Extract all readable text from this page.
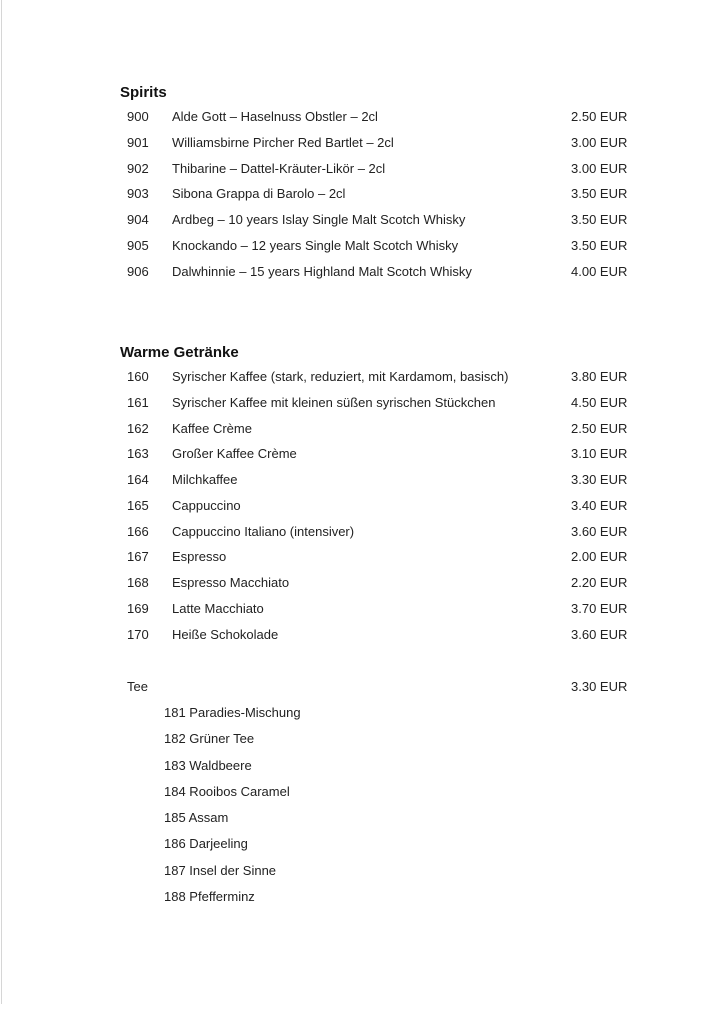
Spirits
900 Alde Gott – Haselnuss Obstler – 2cl	2.50 EUR
901 Williamsbirne Pircher Red Bartlet – 2cl	3.00 EUR
902 Thibarine – Dattel-Kräuter-Likör – 2cl	3.00 EUR
903 Sibona Grappa di Barolo – 2cl	3.50 EUR
904 Ardbeg – 10 years Islay Single Malt Scotch Whisky	3.50 EUR
905 Knockando – 12 years Single Malt Scotch Whisky	3.50 EUR
906 Dalwhinnie – 15 years Highland Malt Scotch Whisky	4.00 EUR
Warme Getränke
160 Syrischer Kaffee (stark, reduziert, mit Kardamom, basisch)	3.80 EUR
161 Syrischer Kaffee mit kleinen süßen syrischen Stückchen	4.50 EUR
162 Kaffee Crème	2.50 EUR
163 Großer Kaffee Crème	3.10 EUR
164 Milchkaffee	3.30 EUR
165 Cappuccino	3.40 EUR
166 Cappuccino Italiano (intensiver)	3.60 EUR
167 Espresso	2.00 EUR
168 Espresso Macchiato	2.20 EUR
169 Latte Macchiato	3.70 EUR
170 Heiße Schokolade	3.60 EUR
Tee	3.30 EUR
181 Paradies-Mischung
182 Grüner Tee
183 Waldbeere
184 Rooibos Caramel
185 Assam
186 Darjeeling
187 Insel der Sinne
188 Pfefferminz
